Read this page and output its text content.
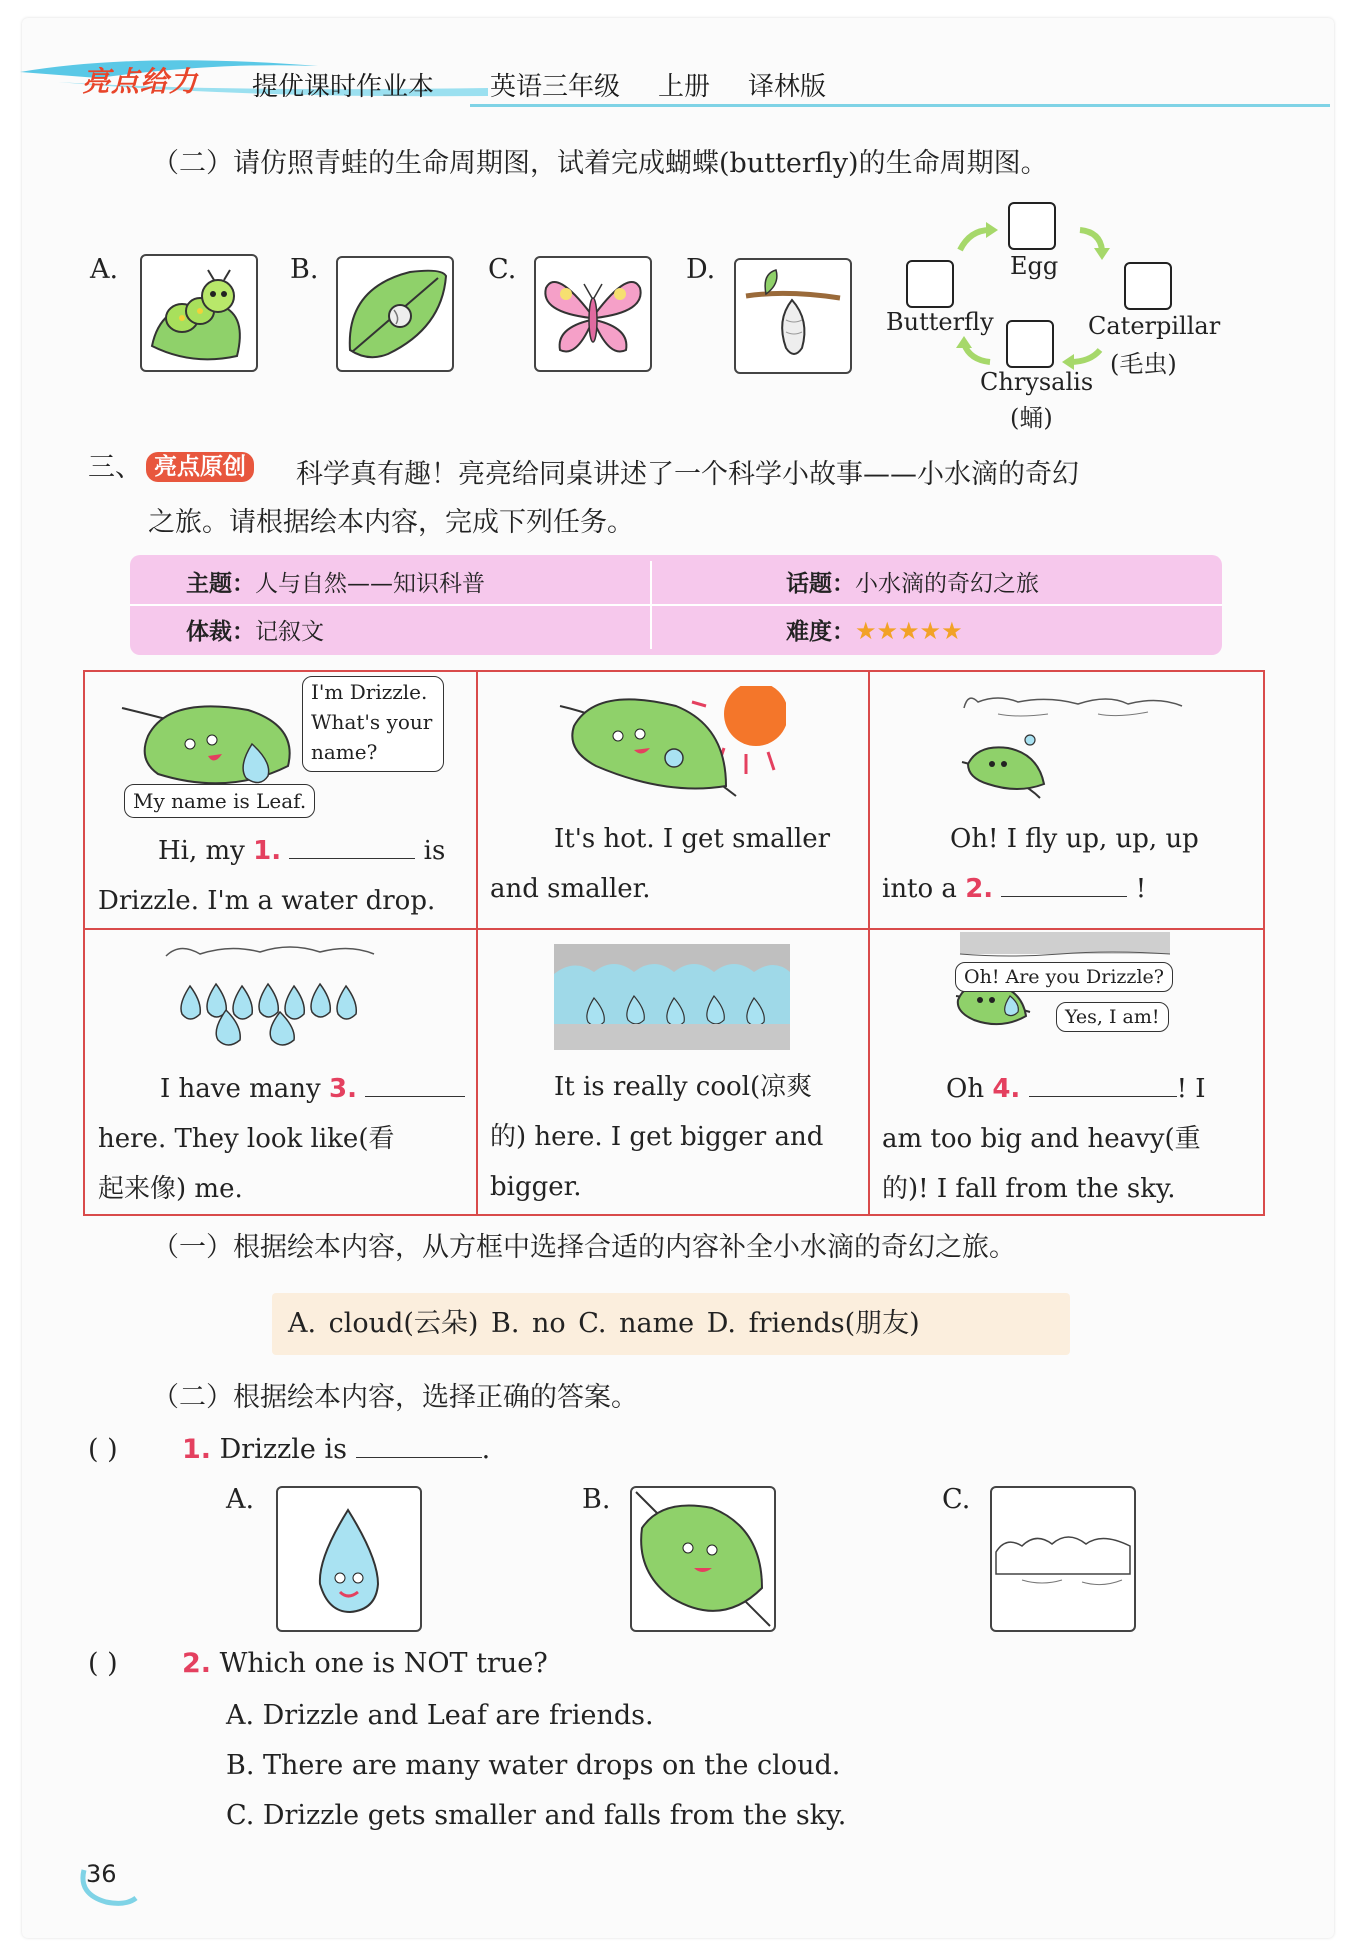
亮点给力 提优课时作业本 英语三年级 上册 译林版
（二）请仿照青蛙的生命周期图，试着完成蝴蝶(butterfly)的生命周期图。
A.	B.	C.	D.	Egg
Butterfly	Caterpillar
(毛虫)
Chrysalis
(蛹)
三、 亮点原创 科学真有趣！亮亮给同桌讲述了一个科学小故事——小水滴的奇幻
之旅。请根据绘本内容，完成下列任务。
主题：人与自然——知识科普	话题：小水滴的奇幻之旅
体裁：记叙文	难度：★★★★★
I'm Drizzle.
What's your
name?
My name is Leaf.
Hi, my 1.	is
Drizzle. I'm a water drop.
It's hot. I get smaller
and smaller.
Oh! I fly up, up, up
into a 2.	!
I have many 3.
here. They look like(看
起来像) me.
It is really cool(凉爽
的) here. I get bigger and
bigger.
Oh! Are you Drizzle?
Yes, I am!
Oh 4.	! I
am too big and heavy(重
的)! I fall from the sky.
（一）根据绘本内容，从方框中选择合适的内容补全小水滴的奇幻之旅。
A. cloud(云朵) B. no C. name D. friends(朋友)
（二）根据绘本内容，选择正确的答案。
( ) 1. Drizzle is	.
A.	B.	C.
( ) 2. Which one is NOT true?
A. Drizzle and Leaf are friends.
B. There are many water drops on the cloud.
C. Drizzle gets smaller and falls from the sky.
36
